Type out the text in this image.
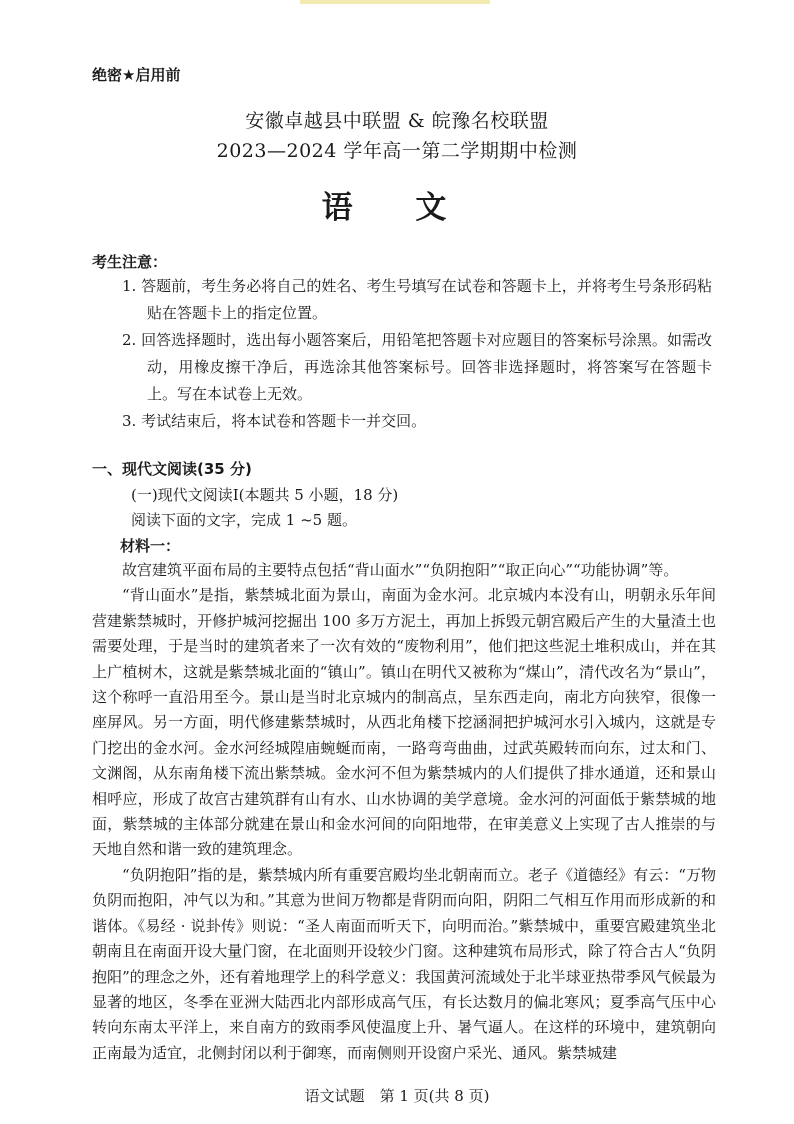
绝密★启用前
安徽卓越县中联盟 & 皖豫名校联盟
2023—2024 学年高一第二学期期中检测
语 文
考生注意：
1. 答题前，考生务必将自己的姓名、考生号填写在试卷和答题卡上，并将考生号条形码粘贴在答题卡上的指定位置。
2. 回答选择题时，选出每小题答案后，用铅笔把答题卡对应题目的答案标号涂黑。如需改动，用橡皮擦干净后，再选涂其他答案标号。回答非选择题时，将答案写在答题卡上。写在本试卷上无效。
3. 考试结束后，将本试卷和答题卡一并交回。
一、现代文阅读(35 分)
(一)现代文阅读Ⅰ(本题共 5 小题，18 分)
阅读下面的文字，完成 1 ~5 题。
材料一：

故宫建筑平面布局的主要特点包括“背山面水”“负阴抱阳”“取正向心”“功能协调”等。

“背山面水”是指，紫禁城北面为景山，南面为金水河。北京城内本没有山，明朝永乐年间营建紫禁城时，开修护城河挖掘出 100 多万方泥土，再加上拆毁元朝宫殿后产生的大量渣土也需要处理，于是当时的建筑者来了一次有效的“废物利用”，他们把这些泥土堆积成山，并在其上广植树木，这就是紫禁城北面的“镇山”。镇山在明代又被称为“煤山”，清代改名为“景山”，这个称呼一直沿用至今。景山是当时北京城内的制高点，呈东西走向，南北方向狭窄，很像一座屏风。另一方面，明代修建紫禁城时，从西北角楼下挖涵洞把护城河水引入城内，这就是专门挖出的金水河。金水河经城隍庙蜿蜒而南，一路弯弯曲曲，过武英殿转而向东，过太和门、文渊阁，从东南角楼下流出紫禁城。金水河不但为紫禁城内的人们提供了排水通道，还和景山相呼应，形成了故宫古建筑群有山有水、山水协调的美学意境。金水河的河面低于紫禁城的地面，紫禁城的主体部分就建在景山和金水河间的向阳地带，在审美意义上实现了古人推崇的与天地自然和谐一致的建筑理念。

“负阴抱阳”指的是，紫禁城内所有重要宫殿均坐北朝南而立。老子《道德经》有云：“万物负阴而抱阳，冲气以为和。”其意为世间万物都是背阴而向阳，阴阳二气相互作用而形成新的和谐体。《易经 · 说卦传》则说：“圣人南面而听天下，向明而治。”紫禁城中，重要宫殿建筑坐北朝南且在南面开设大量门窗，在北面则开设较少门窗。这种建筑布局形式，除了符合古人“负阴抱阳”的理念之外，还有着地理学上的科学意义：我国黄河流域处于北半球亚热带季风气候最为显著的地区，冬季在亚洲大陆西北内部形成高气压，有长达数月的偏北寒风；夏季高气压中心转向东南太平洋上，来自南方的致雨季风使温度上升、暑气逼人。在这样的环境中，建筑朝向正南最为适宜，北侧封闭以利于御寒，而南侧则开设窗户采光、通风。紫禁城建

语文试题　第 1 页(共 8 页)
